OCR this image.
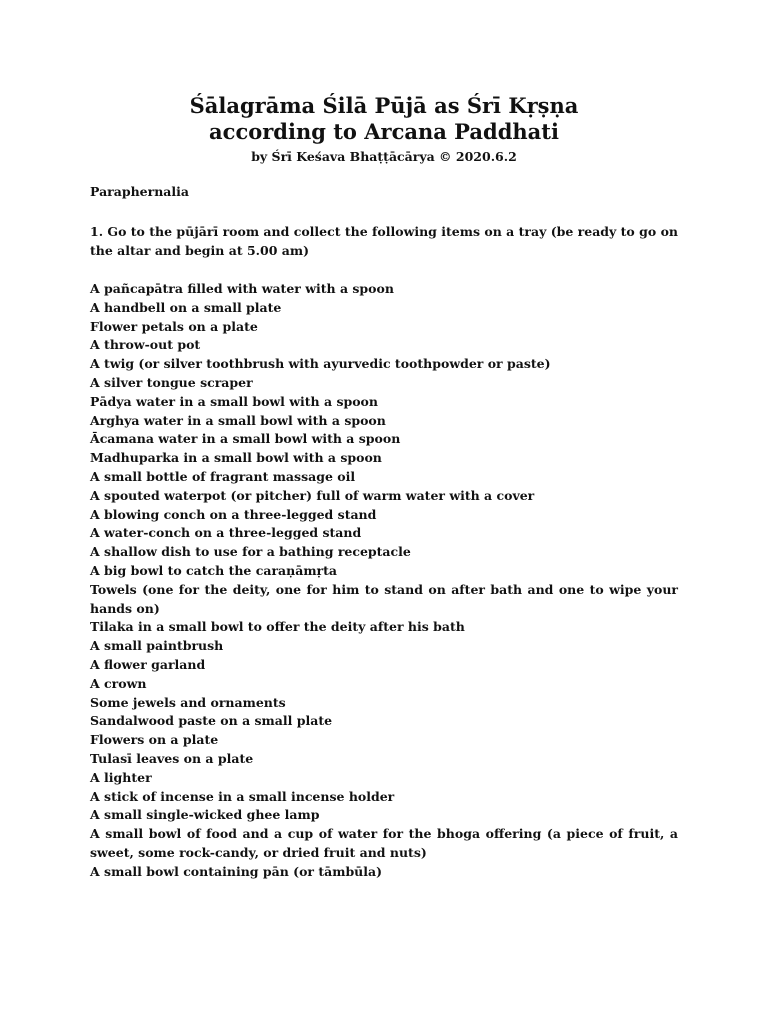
Śālagrāma Śilā Pūjā as Śrī Kṛṣṇa
according to Arcana Paddhati

by Śrī Keśava Bhaṭṭācārya © 2020.6.2

Paraphernalia

1. Go to the pūjārī room and collect the following items on a tray (be ready to go on the altar and begin at 5.00 am)

A pañcapātra filled with water with a spoon
A handbell on a small plate
Flower petals on a plate
A throw-out pot
A twig (or silver toothbrush with ayurvedic toothpowder or paste)
A silver tongue scraper
Pādya water in a small bowl with a spoon
Arghya water in a small bowl with a spoon
Ācamana water in a small bowl with a spoon
Madhuparka in a small bowl with a spoon
A small bottle of fragrant massage oil
A spouted waterpot (or pitcher) full of warm water with a cover
A blowing conch on a three-legged stand
A water-conch on a three-legged stand
A shallow dish to use for a bathing receptacle
A big bowl to catch the caraṇāmṛta
Towels (one for the deity, one for him to stand on after bath and one to wipe your hands on)
Tilaka in a small bowl to offer the deity after his bath
A small paintbrush
A flower garland
A crown
Some jewels and ornaments
Sandalwood paste on a small plate
Flowers on a plate
Tulasī leaves on a plate
A lighter
A stick of incense in a small incense holder
A small single-wicked ghee lamp
A small bowl of food and a cup of water for the bhoga offering (a piece of fruit, a sweet, some rock-candy, or dried fruit and nuts)
A small bowl containing pān (or tāmbūla)
